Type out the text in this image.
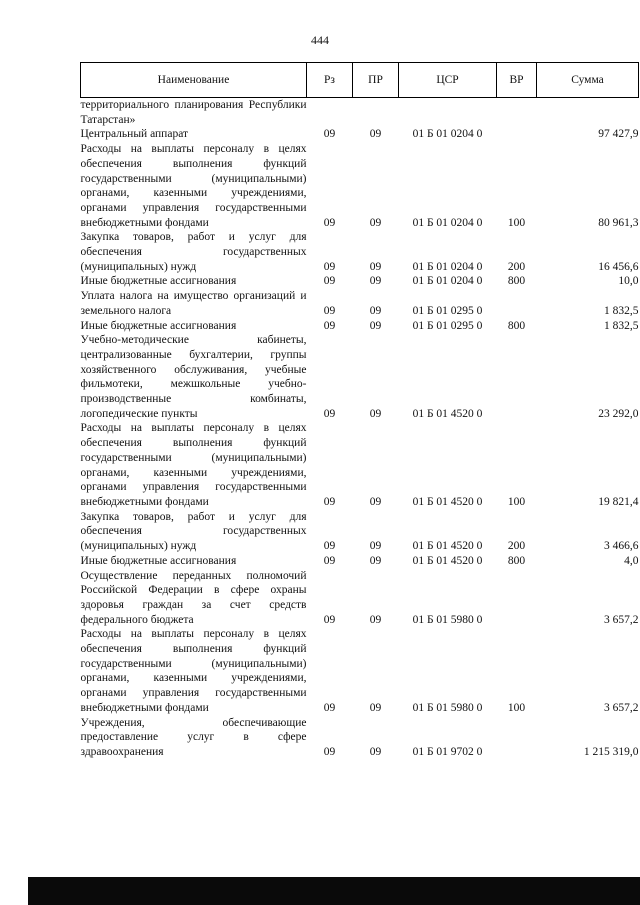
444
Наименование	Рз	ПР	ЦСР	ВР	Сумма
территориального планирования Республики Татарстан»					
Центральный аппарат	09	09	01 Б 01 0204 0		97 427,9
Расходы на выплаты персоналу в целях обеспечения выполнения функций государственными (муниципальными) органами, казенными учреждениями, органами управления государственными внебюджетными фондами	09	09	01 Б 01 0204 0	100	80 961,3
Закупка товаров, работ и услуг для обеспечения государственных (муниципальных) нужд	09	09	01 Б 01 0204 0	200	16 456,6
Иные бюджетные ассигнования	09	09	01 Б 01 0204 0	800	10,0
Уплата налога на имущество организаций и земельного налога	09	09	01 Б 01 0295 0		1 832,5
Иные бюджетные ассигнования	09	09	01 Б 01 0295 0	800	1 832,5
Учебно-методические кабинеты, централизованные бухгалтерии, группы хозяйственного обслуживания, учебные фильмотеки, межшкольные учебно-производственные комбинаты, логопедические пункты	09	09	01 Б 01 4520 0		23 292,0
Расходы на выплаты персоналу в целях обеспечения выполнения функций государственными (муниципальными) органами, казенными учреждениями, органами управления государственными внебюджетными фондами	09	09	01 Б 01 4520 0	100	19 821,4
Закупка товаров, работ и услуг для обеспечения государственных (муниципальных) нужд	09	09	01 Б 01 4520 0	200	3 466,6
Иные бюджетные ассигнования	09	09	01 Б 01 4520 0	800	4,0
Осуществление переданных полномочий Российской Федерации в сфере охраны здоровья граждан за счет средств федерального бюджета	09	09	01 Б 01 5980 0		3 657,2
Расходы на выплаты персоналу в целях обеспечения выполнения функций государственными (муниципальными) органами, казенными учреждениями, органами управления государственными внебюджетными фондами	09	09	01 Б 01 5980 0	100	3 657,2
Учреждения, обеспечивающие предоставление услуг в сфере здравоохранения	09	09	01 Б 01 9702 0		1 215 319,0
